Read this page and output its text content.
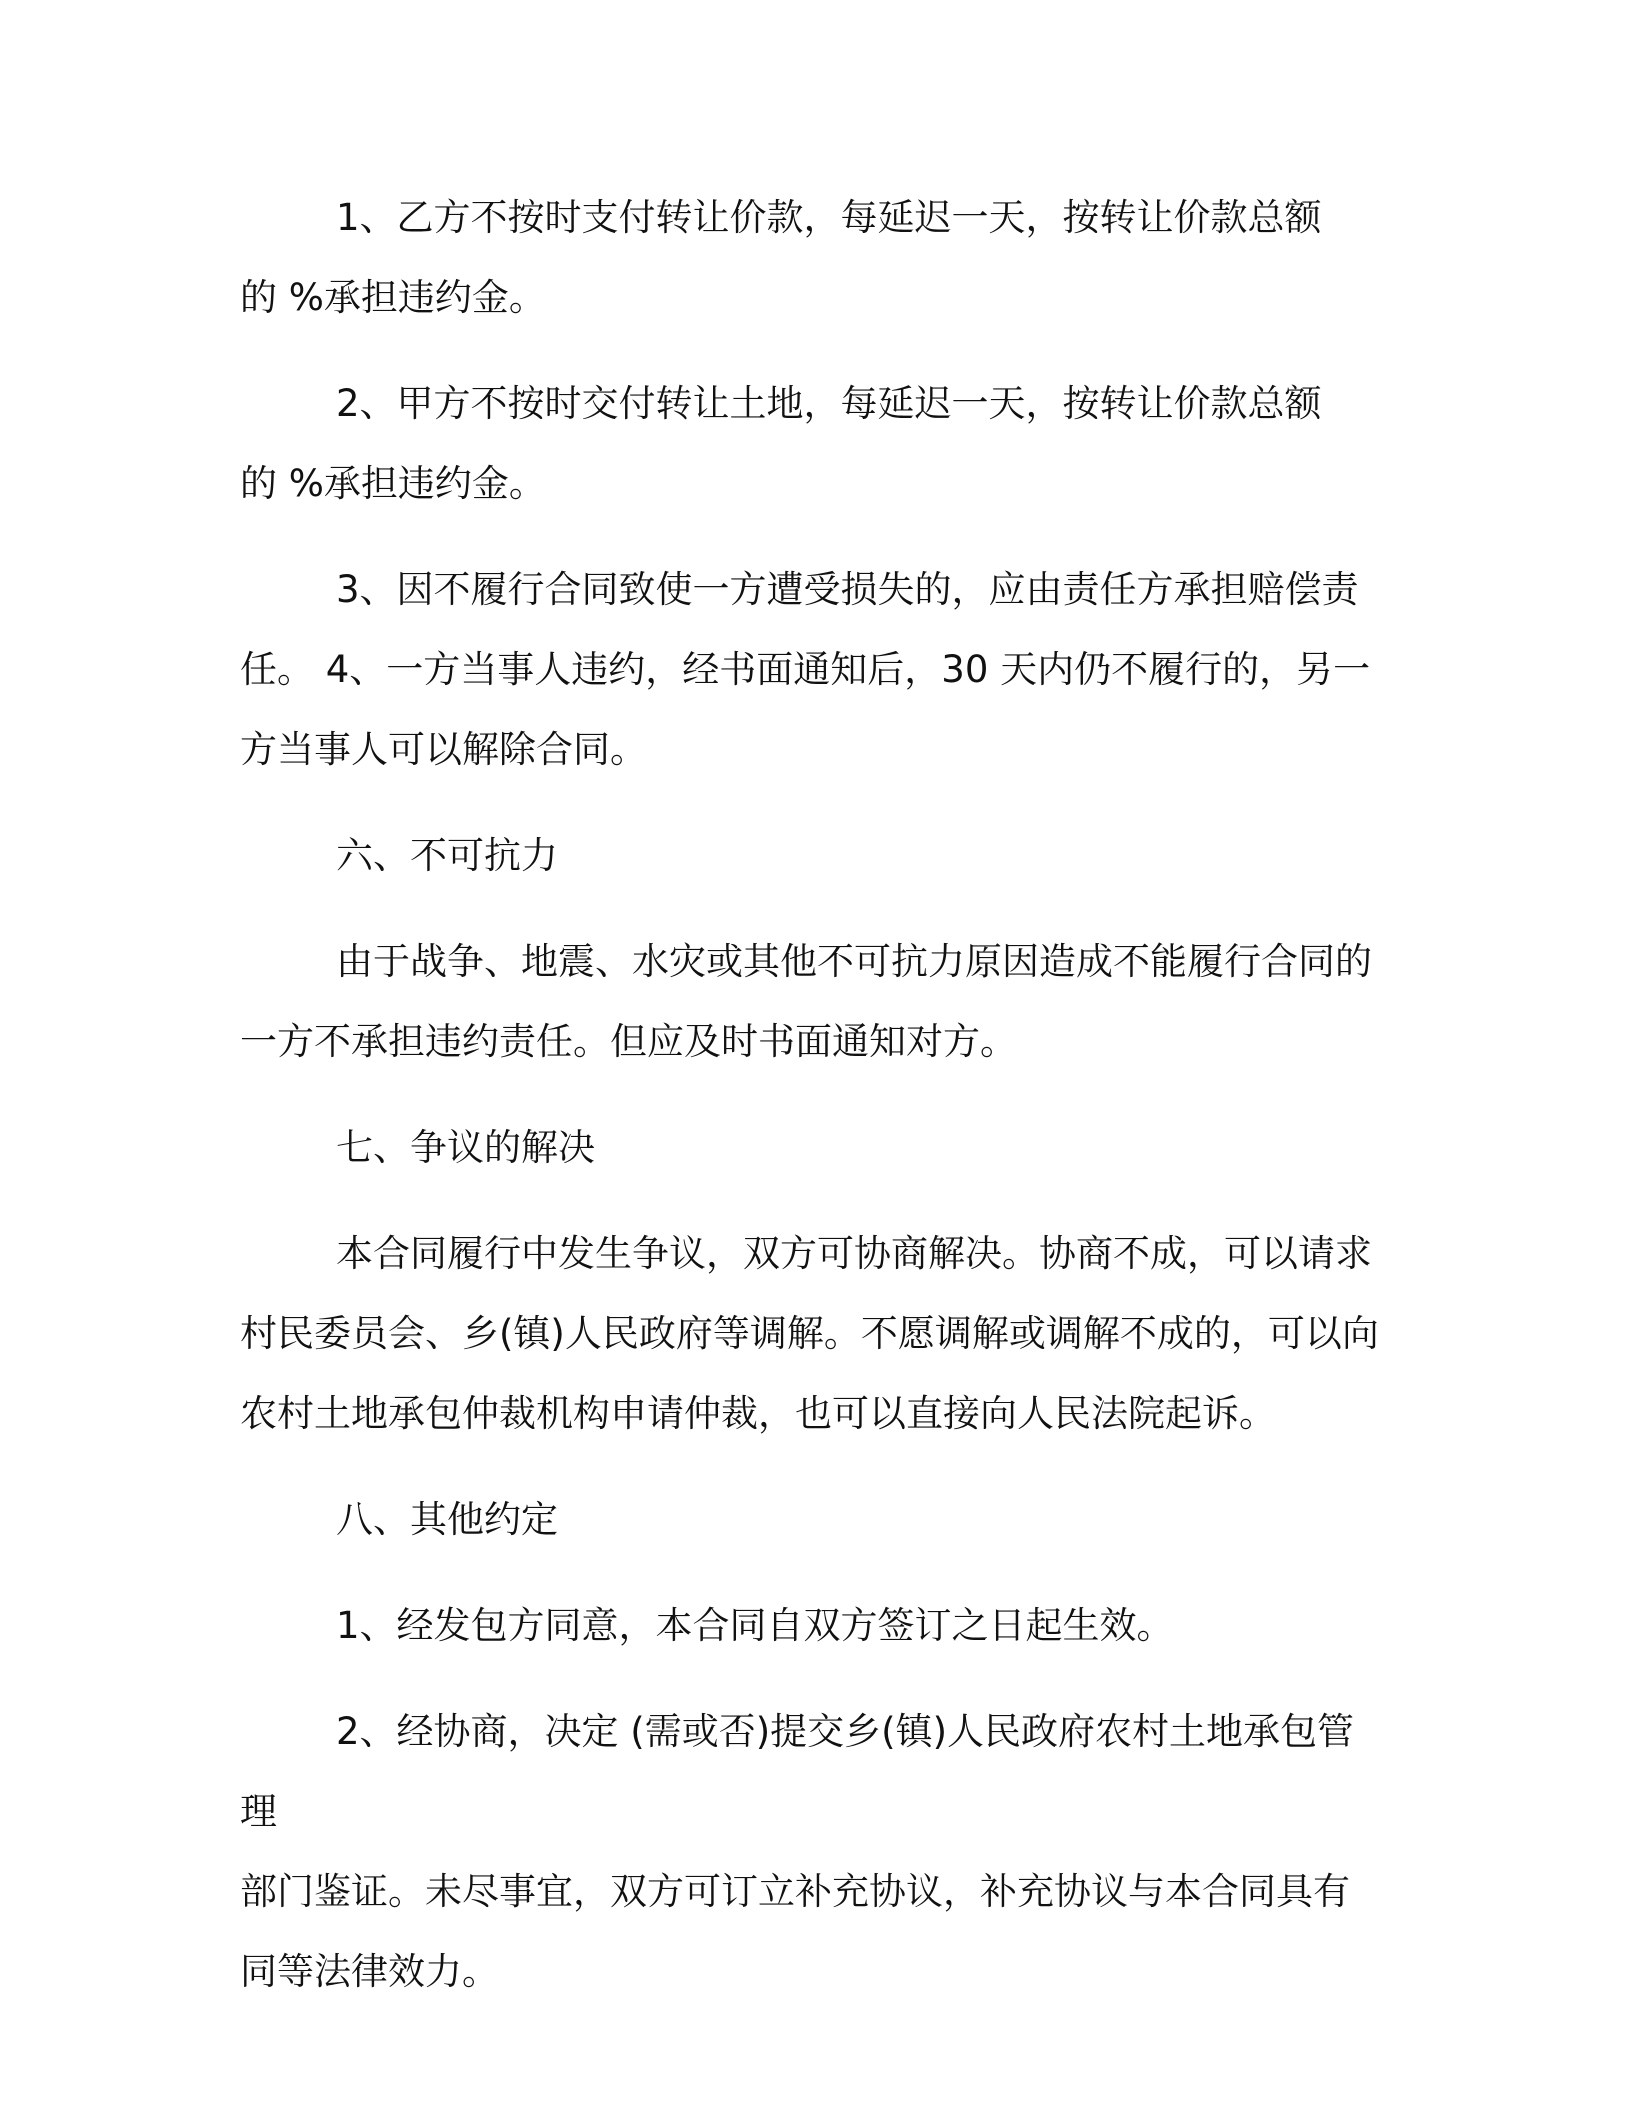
1、乙方不按时支付转让价款，每延迟一天，按转让价款总额
的 %承担违约金。

2、甲方不按时交付转让土地，每延迟一天，按转让价款总额
的 %承担违约金。

3、因不履行合同致使一方遭受损失的，应由责任方承担赔偿责
任。 4、一方当事人违约，经书面通知后，30 天内仍不履行的，另一
方当事人可以解除合同。

六、不可抗力

由于战争、地震、水灾或其他不可抗力原因造成不能履行合同的
一方不承担违约责任。但应及时书面通知对方。

七、争议的解决

本合同履行中发生争议，双方可协商解决。协商不成，可以请求
村民委员会、乡(镇)人民政府等调解。不愿调解或调解不成的，可以向
农村土地承包仲裁机构申请仲裁，也可以直接向人民法院起诉。

八、其他约定

1、经发包方同意，本合同自双方签订之日起生效。

2、经协商，决定 (需或否)提交乡(镇)人民政府农村土地承包管理
部门鉴证。未尽事宜，双方可订立补充协议，补充协议与本合同具有
同等法律效力。
